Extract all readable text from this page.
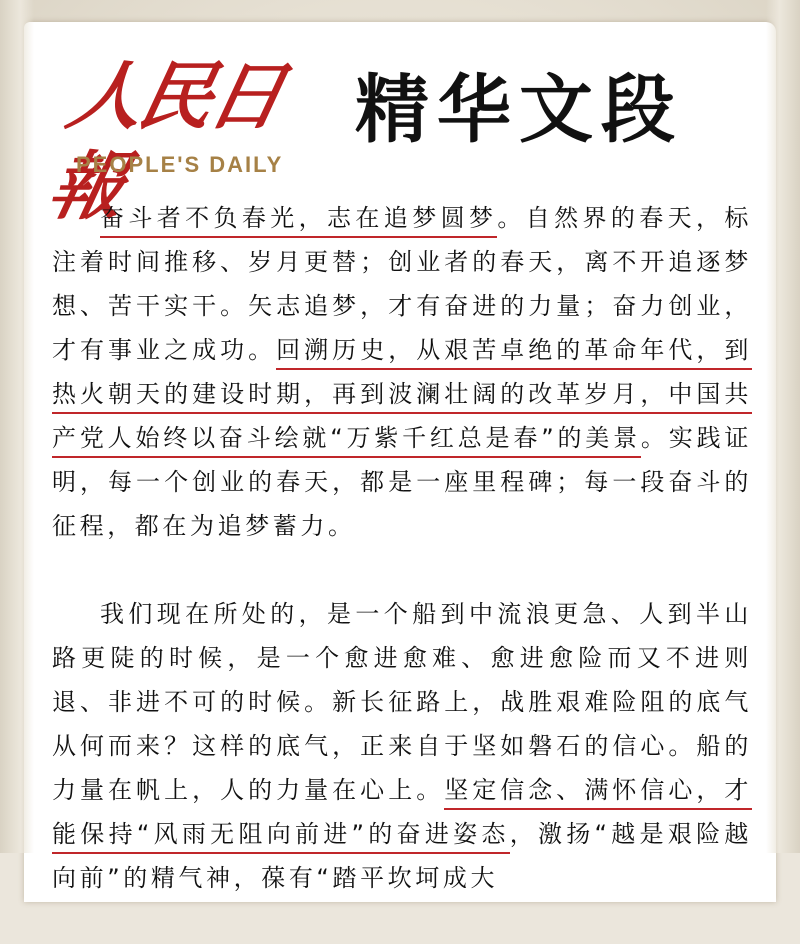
人民日報
PEOPLE'S DAILY
精华文段

奋斗者不负春光，志在追梦圆梦。自然界的春天，标注着时间推移、岁月更替；创业者的春天，离不开追逐梦想、苦干实干。矢志追梦，才有奋进的力量；奋力创业，才有事业之成功。回溯历史，从艰苦卓绝的革命年代，到热火朝天的建设时期，再到波澜壮阔的改革岁月，中国共产党人始终以奋斗绘就“万紫千红总是春”的美景。实践证明，每一个创业的春天，都是一座里程碑；每一段奋斗的征程，都在为追梦蓄力。

我们现在所处的，是一个船到中流浪更急、人到半山路更陡的时候，是一个愈进愈难、愈进愈险而又不进则退、非进不可的时候。新长征路上，战胜艰难险阻的底气从何而来？这样的底气，正来自于坚如磐石的信心。船的力量在帆上，人的力量在心上。坚定信念、满怀信心，才能保持“风雨无阻向前进”的奋进姿态，激扬“越是艰险越向前”的精气神，葆有“踏平坎坷成大
